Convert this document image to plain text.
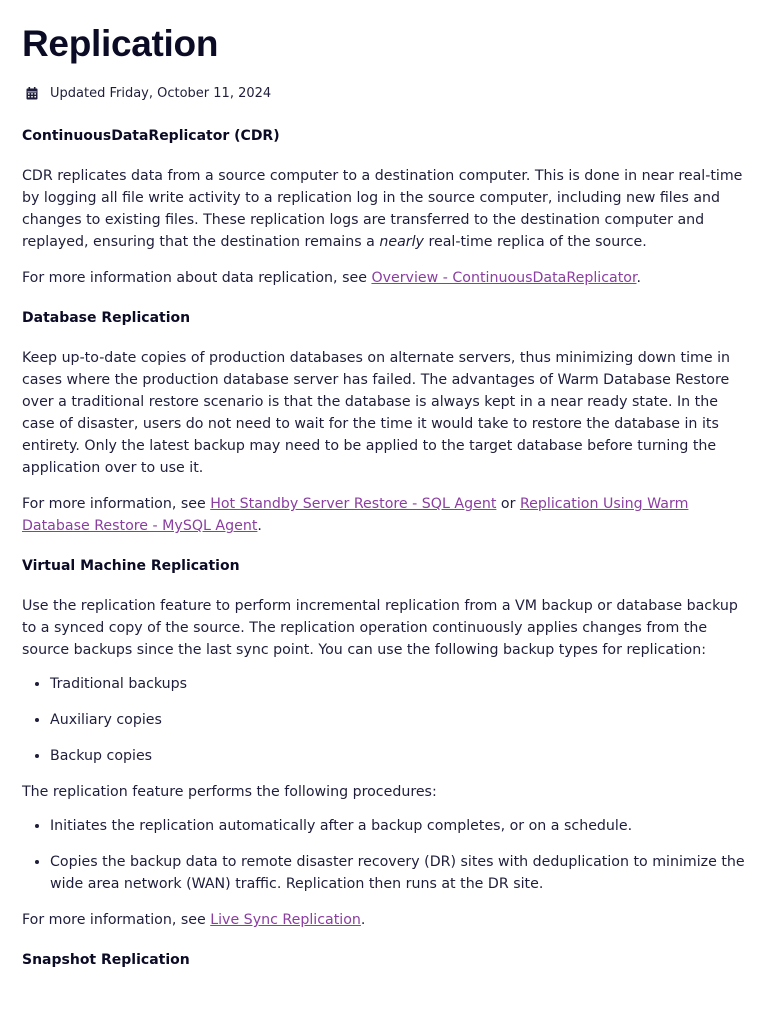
Replication
Updated Friday, October 11, 2024
ContinuousDataReplicator (CDR)

CDR replicates data from a source computer to a destination computer. This is done in near real-time by logging all file write activity to a replication log in the source computer, including new files and changes to existing files. These replication logs are transferred to the destination computer and replayed, ensuring that the destination remains a nearly real-time replica of the source.

For more information about data replication, see Overview - ContinuousDataReplicator.

Database Replication

Keep up-to-date copies of production databases on alternate servers, thus minimizing down time in cases where the production database server has failed. The advantages of Warm Database Restore over a traditional restore scenario is that the database is always kept in a near ready state. In the case of disaster, users do not need to wait for the time it would take to restore the database in its entirety. Only the latest backup may need to be applied to the target database before turning the application over to use it.

For more information, see Hot Standby Server Restore - SQL Agent or Replication Using Warm Database Restore - MySQL Agent.

Virtual Machine Replication

Use the replication feature to perform incremental replication from a VM backup or database backup to a synced copy of the source. The replication operation continuously applies changes from the source backups since the last sync point. You can use the following backup types for replication:

• Traditional backups
• Auxiliary copies
• Backup copies

The replication feature performs the following procedures:

• Initiates the replication automatically after a backup completes, or on a schedule.
• Copies the backup data to remote disaster recovery (DR) sites with deduplication to minimize the wide area network (WAN) traffic. Replication then runs at the DR site.

For more information, see Live Sync Replication.

Snapshot Replication
